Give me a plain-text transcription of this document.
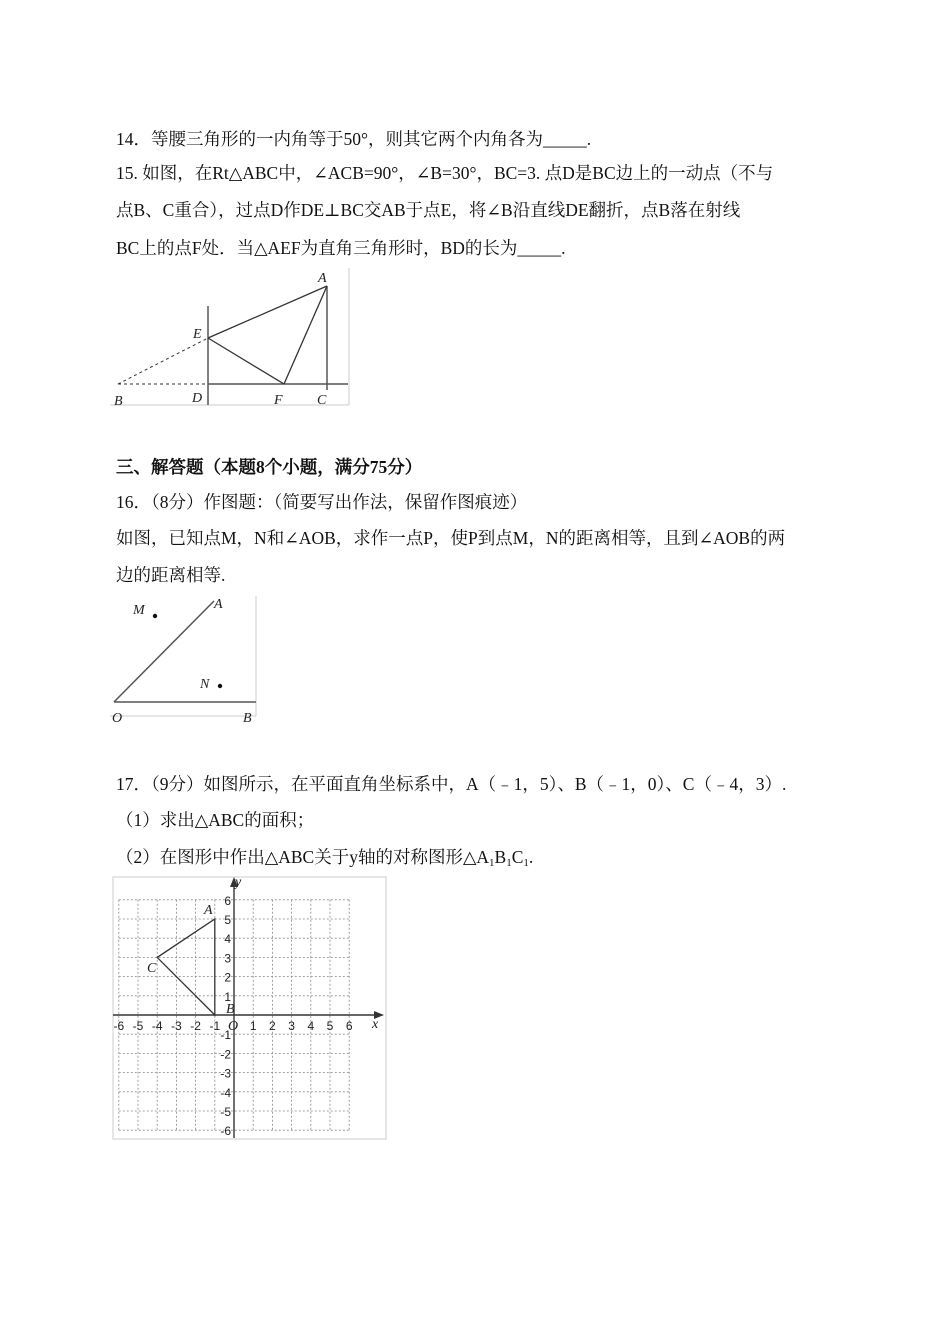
14．等腰三角形的一内角等于50°，则其它两个内角各为_____.
15. 如图，在Rt△ABC中，∠ACB=90°，∠B=30°，BC=3. 点D是BC边上的一动点（不与
点B、C重合），过点D作DE⊥BC交AB于点E，将∠B沿直线DE翻折，点B落在射线
BC上的点F处．当△AEF为直角三角形时，BD的长为_____.
A
E
B	D	F C
三、解答题（本题8个小题，满分75分）
16．（8分）作图题：（简要写出作法，保留作图痕迹）
如图，已知点M，N和∠AOB，求作一点P，使P到点M，N的距离相等，且到∠AOB的两
边的距离相等.
M
N
A
O	B
17．（9分）如图所示，在平面直角坐标系中，A（﹣1，5）、B（﹣1，0）、C（﹣4，3）.
（1）求出△ABC的面积；
（2）在图形中作出△ABC关于y轴的对称图形$\triangle A_1B_1C_1$.
-6 -5 -4 -3 -2 -1 1 2 3 4 5 6
1
2
3
4
5
6
-1
-2
-3
-4
-5
-6
A
C
B
O	x
y
